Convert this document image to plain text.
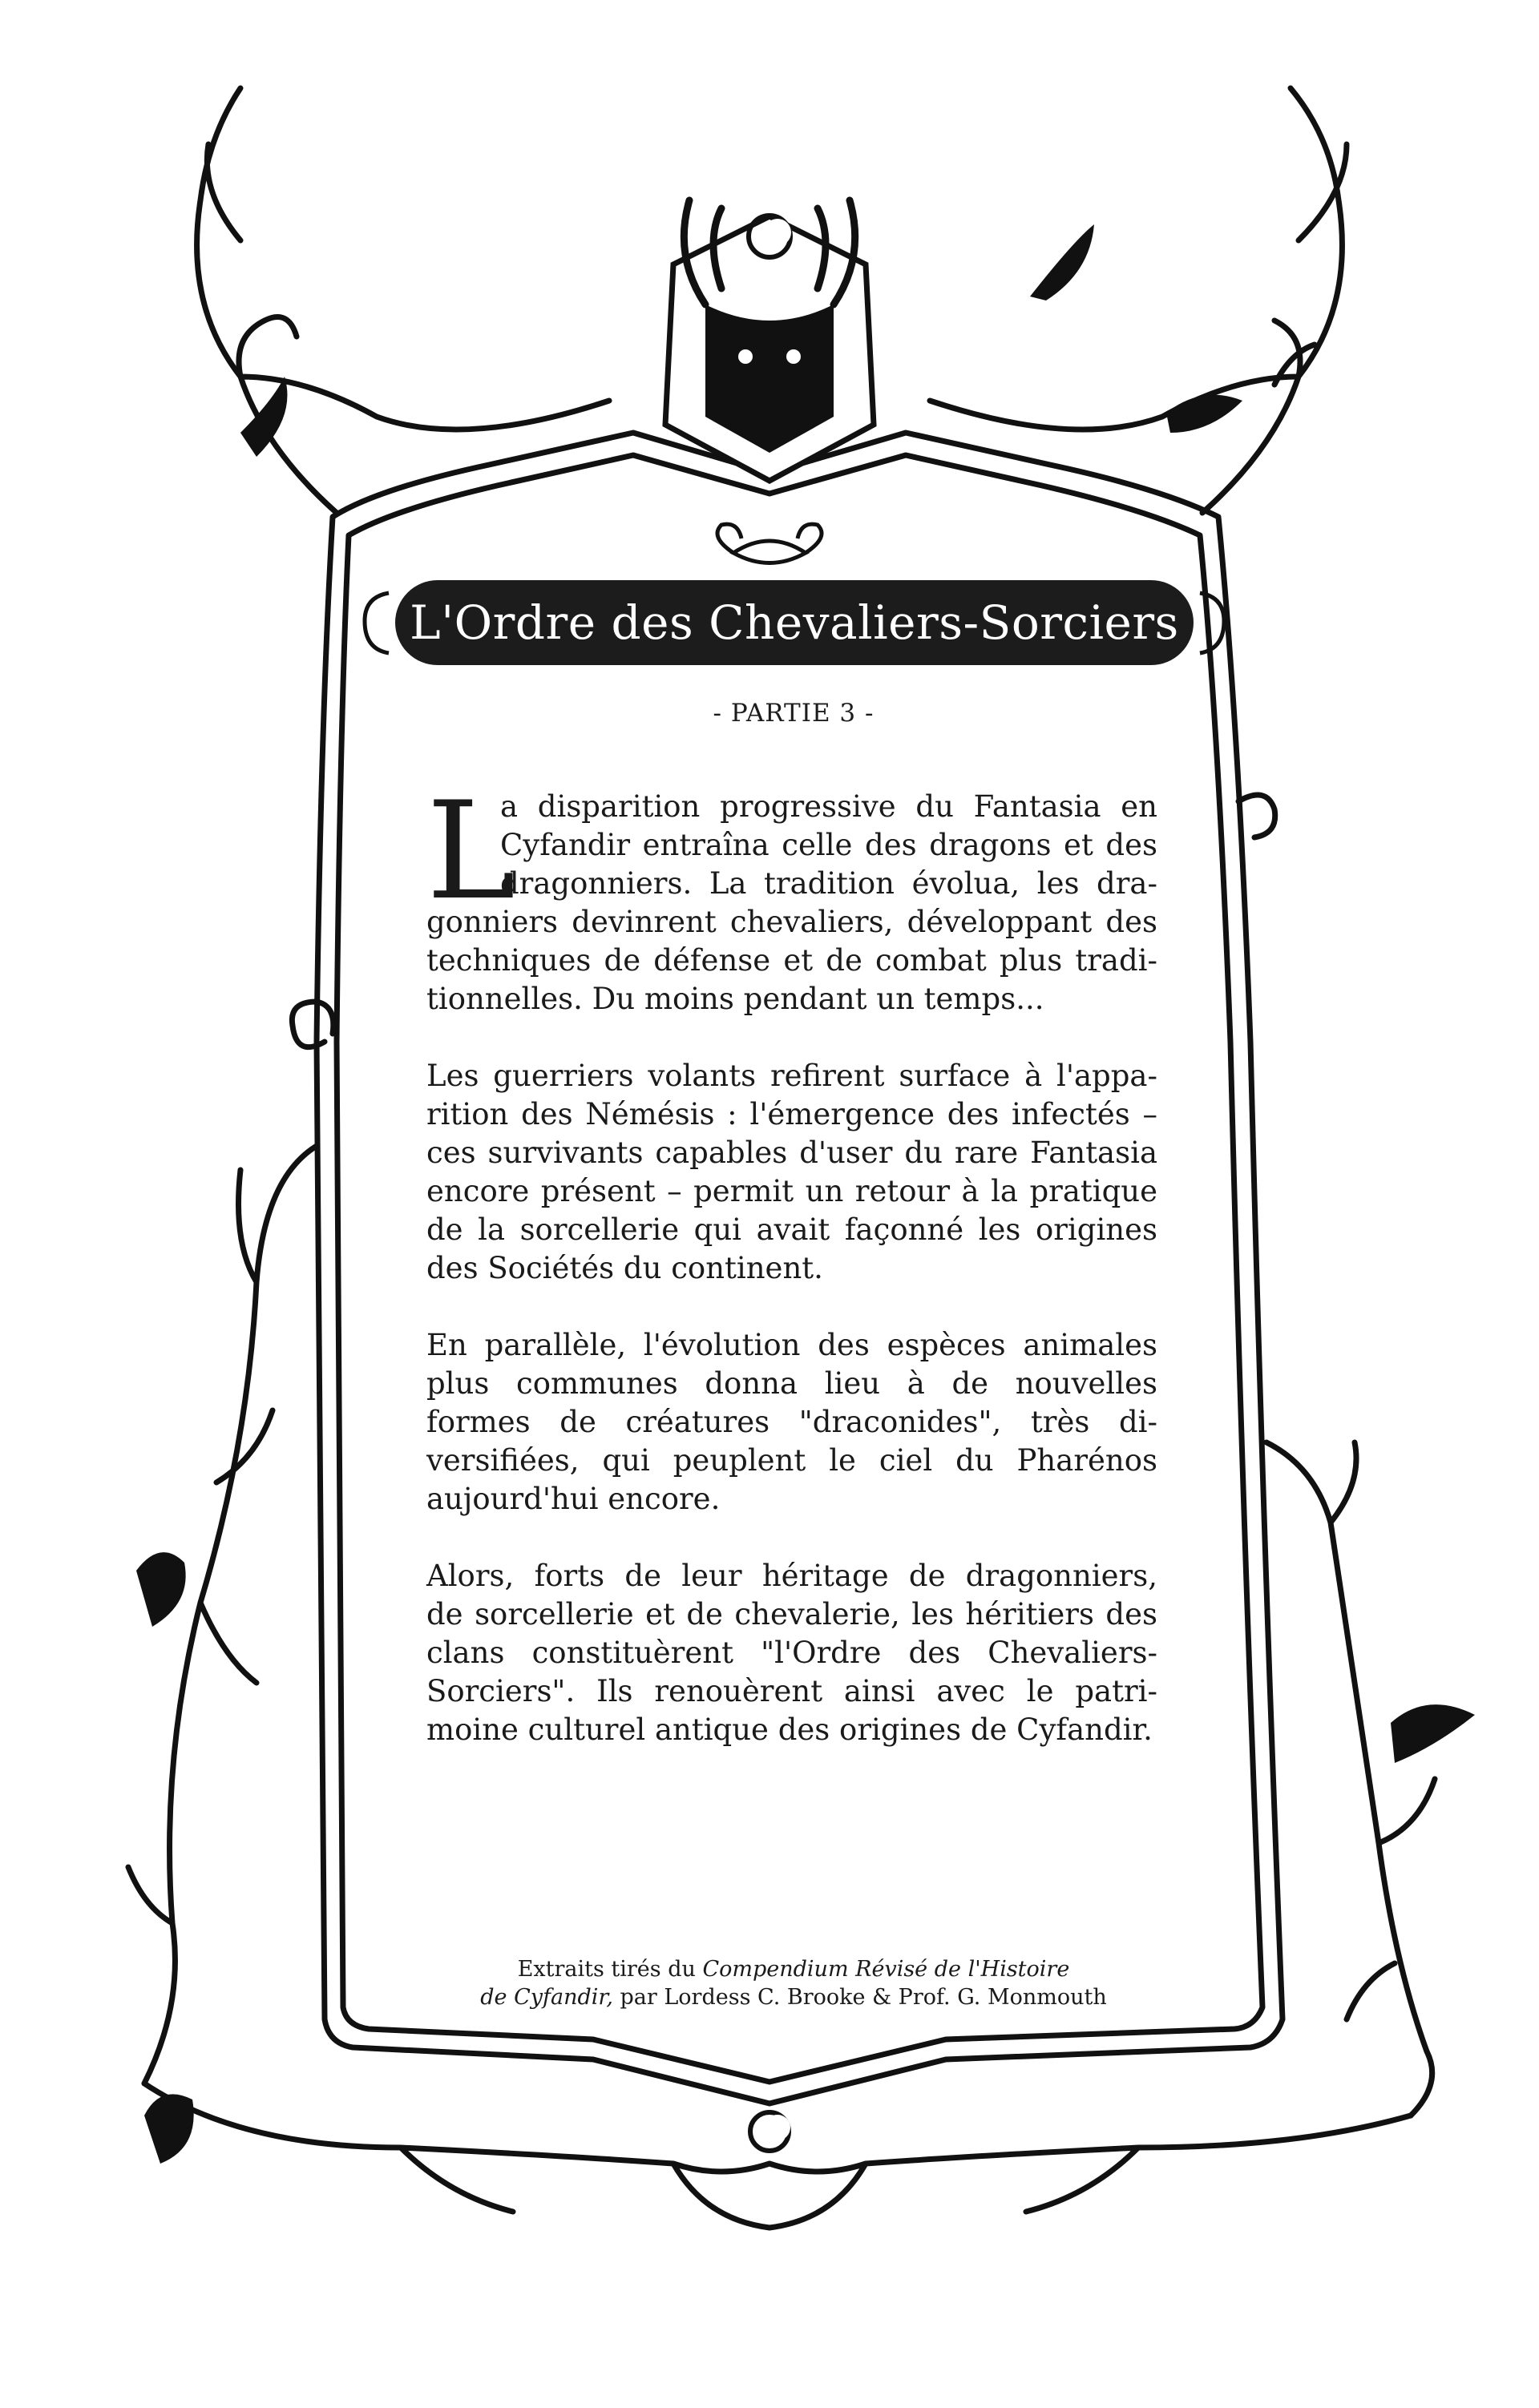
L'Ordre des Chevaliers-Sorciers
- PARTIE 3 -
L
a disparition progressive du Fantasia en
Cyfandir entraîna celle des dragons et des
dragonniers. La tradition évolua, les dra-
gonniers devinrent chevaliers, développant des
techniques de défense et de combat plus tradi-
tionnelles. Du moins pendant un temps...
Les guerriers volants refirent surface à l'appa-
rition des Némésis : l'émergence des infectés –
ces survivants capables d'user du rare Fantasia
encore présent – permit un retour à la pratique
de la sorcellerie qui avait façonné les origines
des Sociétés du continent.
En parallèle, l'évolution des espèces animales
plus communes donna lieu à de nouvelles
formes de créatures "draconides", très di-
versifiées, qui peuplent le ciel du Pharénos
aujourd'hui encore.
Alors, forts de leur héritage de dragonniers,
de sorcellerie et de chevalerie, les héritiers des
clans constituèrent "l'Ordre des Chevaliers-
Sorciers". Ils renouèrent ainsi avec le patri-
moine culturel antique des origines de Cyfandir.
Extraits tirés du Compendium Révisé de l'Histoire
de Cyfandir, par Lordess C. Brooke & Prof. G. Monmouth
